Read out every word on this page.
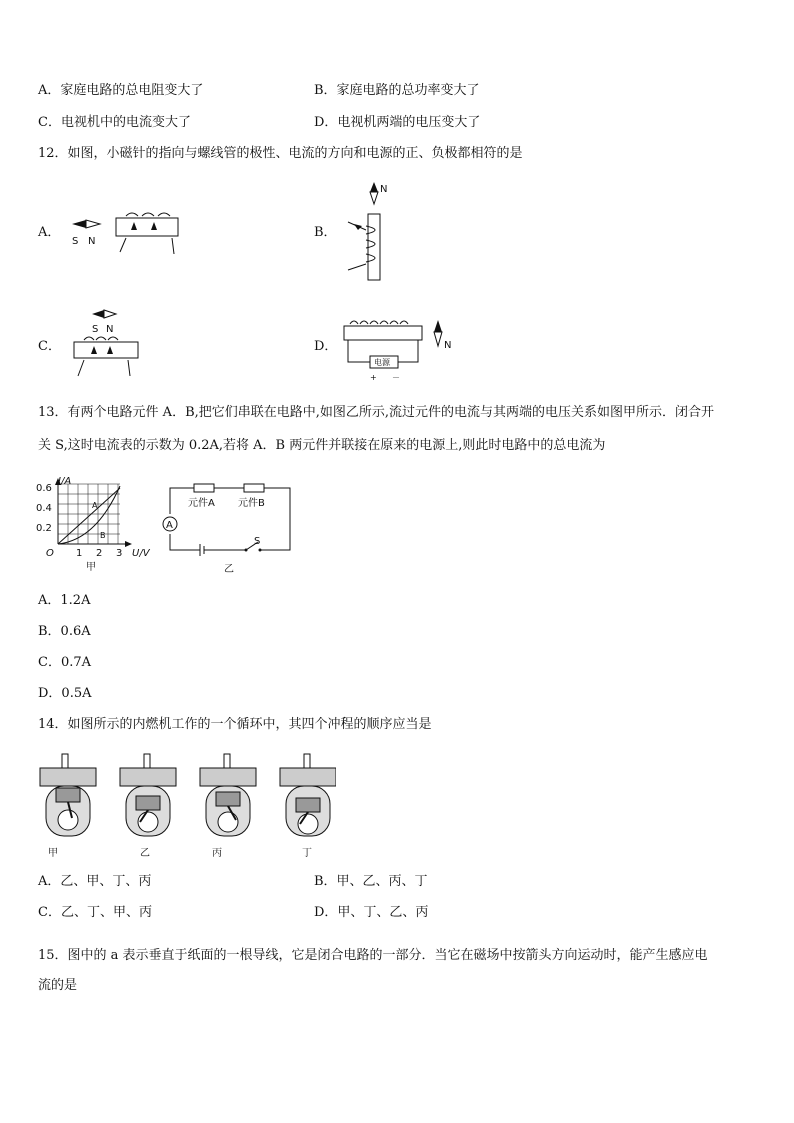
A．家庭电路的总电阻变大了	B．家庭电路的总功率变大了
C．电视机中的电流变大了	D．电视机两端的电压变大了
12．如图，小磁针的指向与螺线管的极性、电流的方向和电源的正、负极都相符的是
A．	B．
C．	D．
S N
N
S N
电源
+ －
N
13．有两个电路元件 A．B,把它们串联在电路中,如图乙所示,流过元件的电流与其两端的电压关系如图甲所示．闭合开
关 S,这时电流表的示数为 0.2A,若将 A．B 两元件并联接在原来的电源上,则此时电路中的总电流为
I/A
0.6
0.4
0.2
O 1 2 3 U/V
A
B
甲
A
元件A 元件B
S
乙
A．1.2A
B．0.6A
C．0.7A
D．0.5A
14．如图所示的内燃机工作的一个循环中，其四个冲程的顺序应当是
甲	乙	丙	丁
A．乙、甲、丁、丙	B．甲、乙、丙、丁
C．乙、丁、甲、丙	D．甲、丁、乙、丙
15．图中的 a 表示垂直于纸面的一根导线，它是闭合电路的一部分．当它在磁场中按箭头方向运动时，能产生感应电
流的是
